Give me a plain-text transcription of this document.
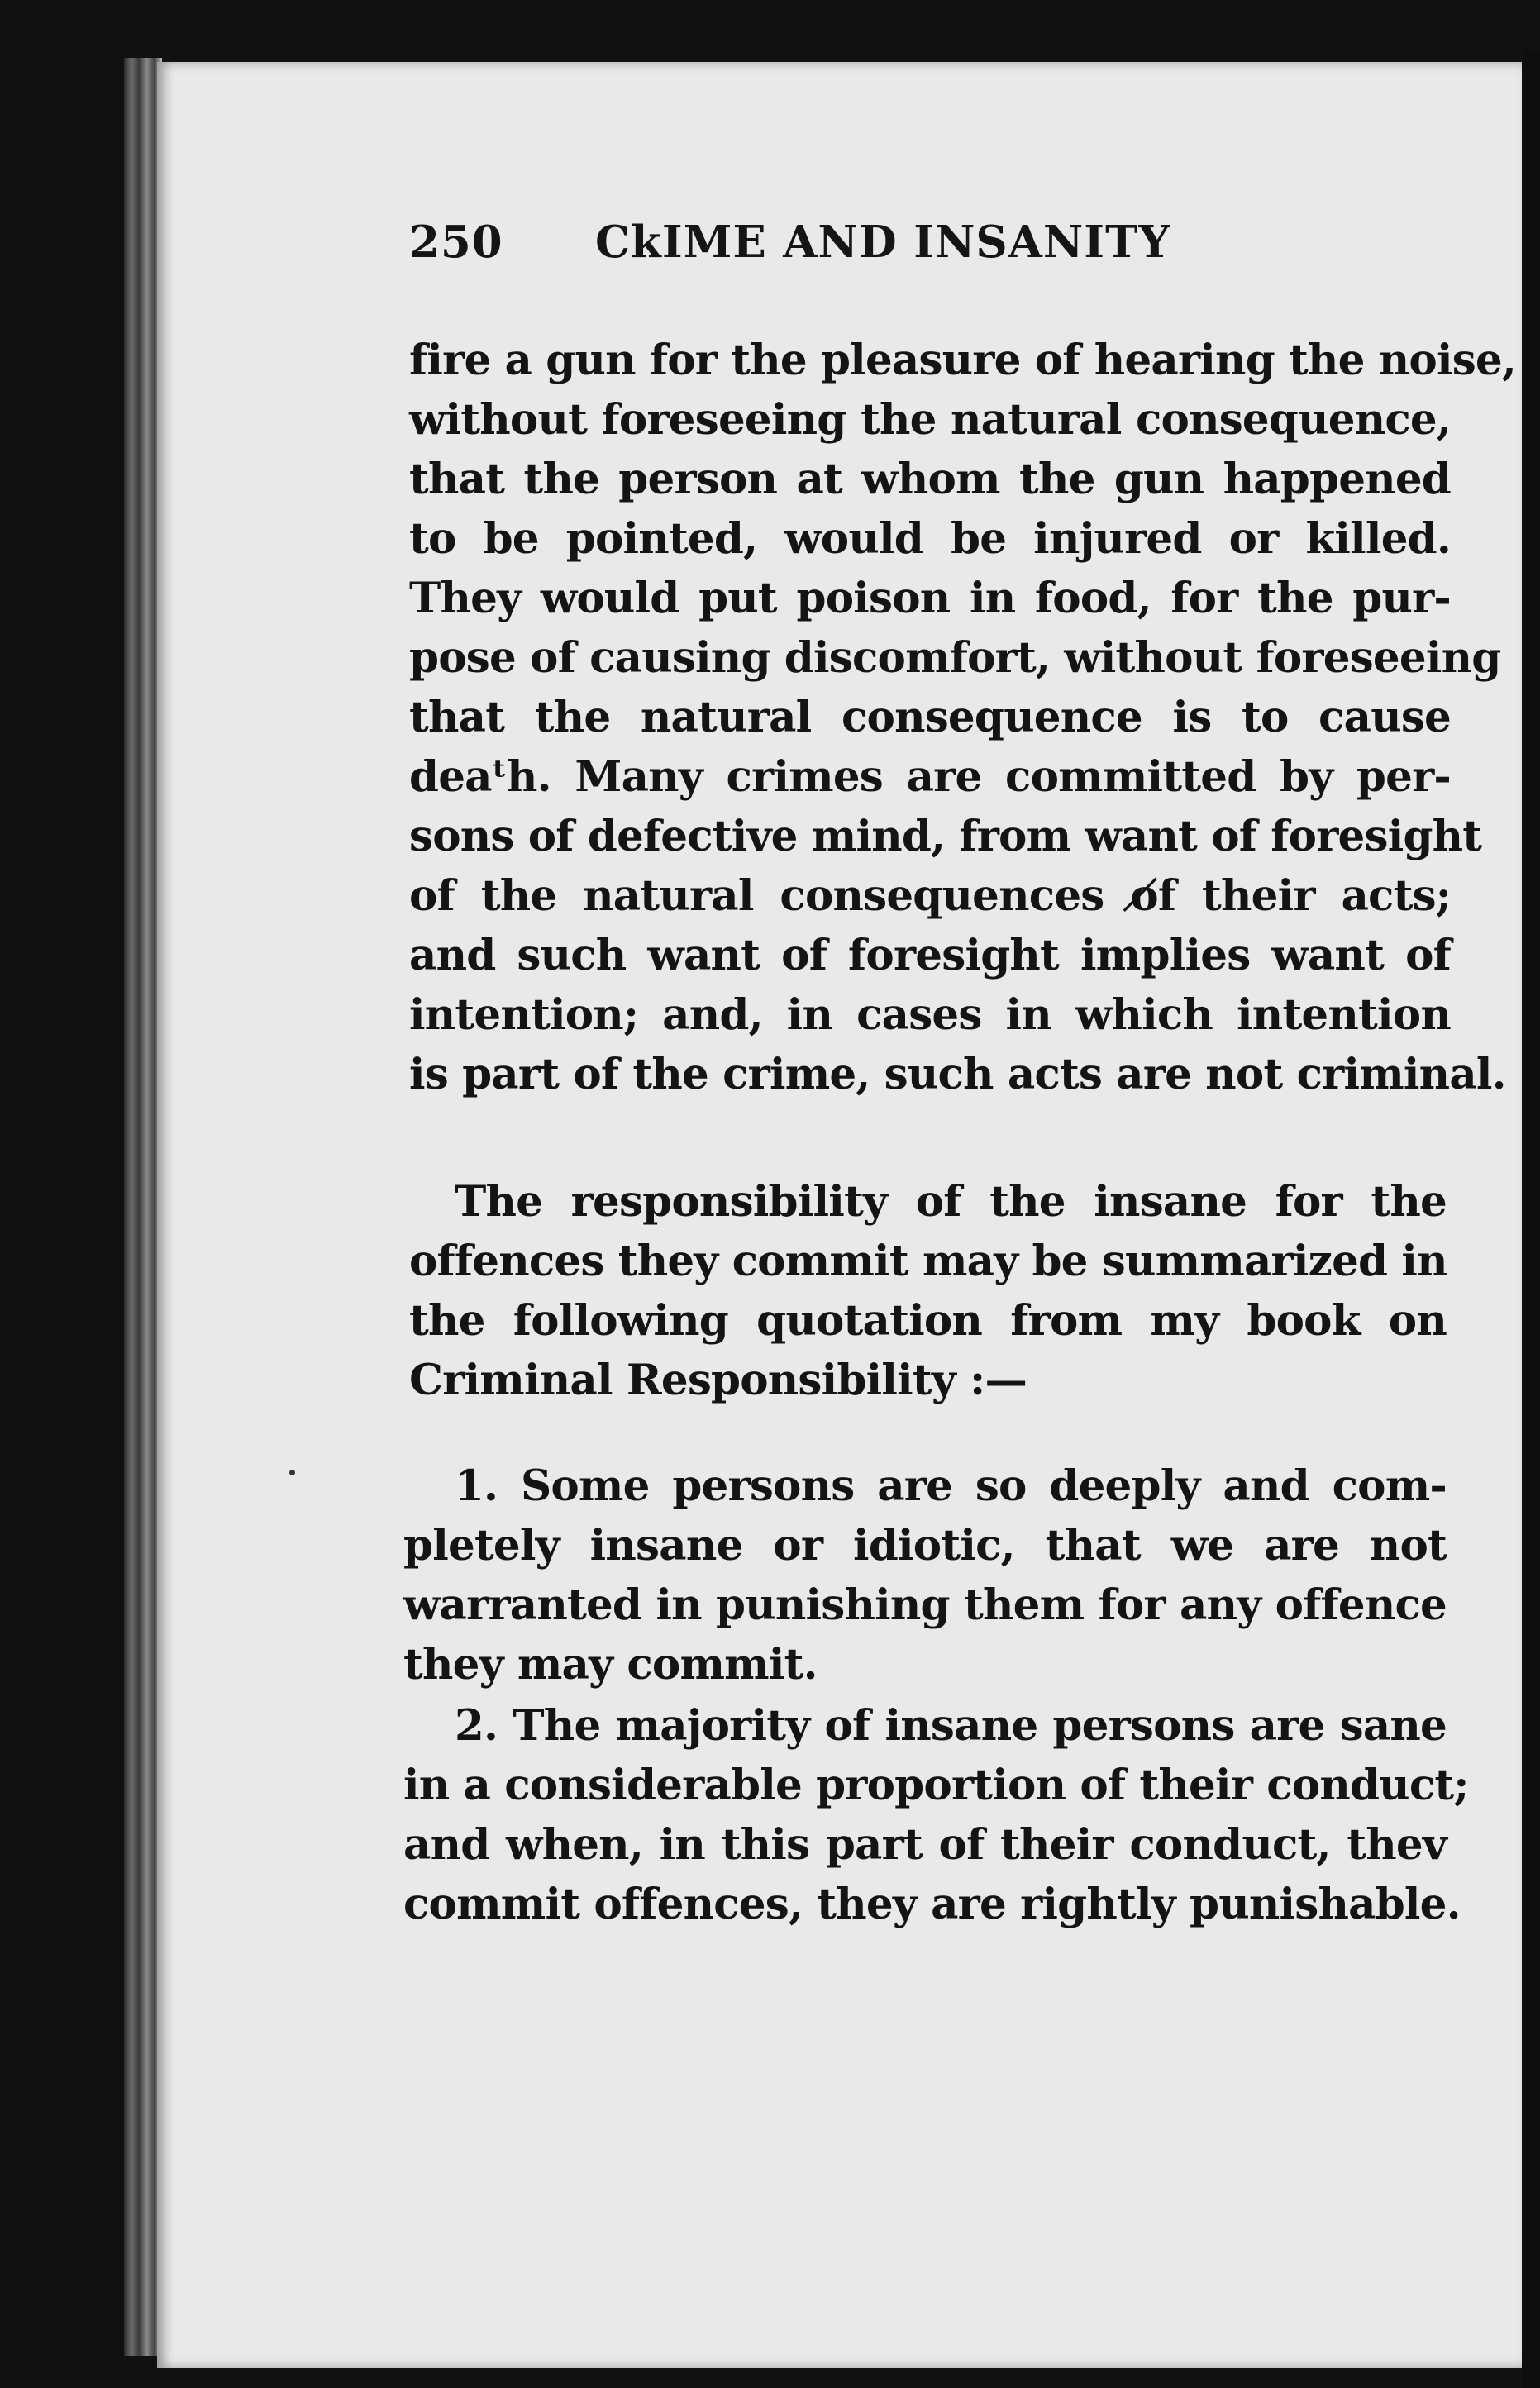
250 CkIME AND INSANITY
fire a gun for the pleasure of hearing the noise,
without foreseeing the natural consequence,
that the person at whom the gun happened
to be pointed, would be injured or killed.
They would put poison in food, for the pur-
pose of causing discomfort, without foreseeing
that the natural consequence is to cause
deaᵗh. Many crimes are committed by per-
sons of defective mind, from want of foresight
of the natural consequences o̸f their acts;
and such want of foresight implies want of
intention; and, in cases in which intention
is part of the crime, such acts are not criminal.
The responsibility of the insane for the
offences they commit may be summarized in
the following quotation from my book on
Criminal Responsibility :—
1. Some persons are so deeply and com-
pletely insane or idiotic, that we are not
warranted in punishing them for any offence
they may commit.
2. The majority of insane persons are sane
in a considerable proportion of their conduct;
and when, in this part of their conduct, thev
commit offences, they are rightly punishable.
